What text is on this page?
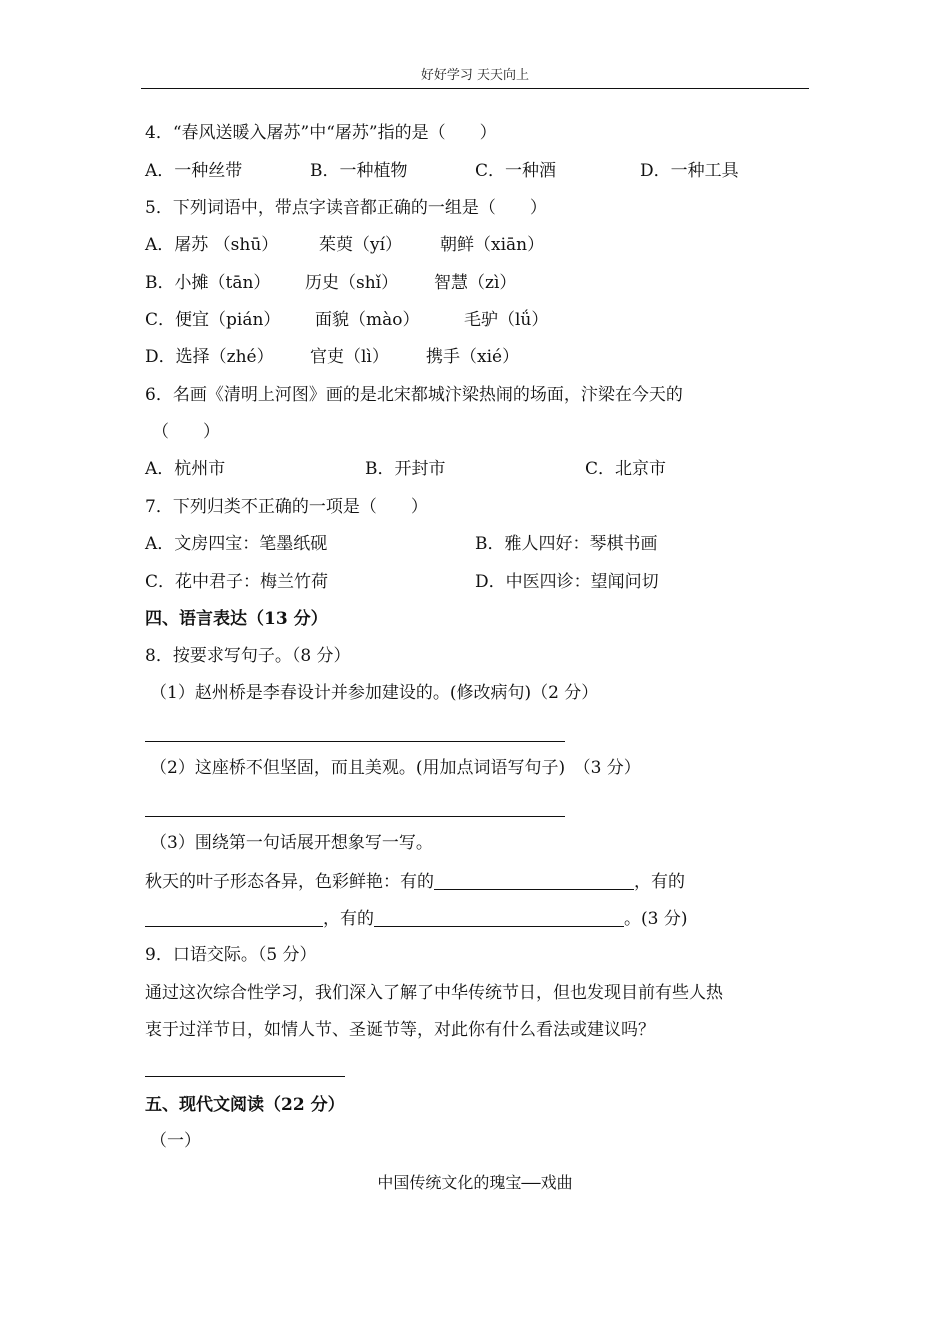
好好学习 天天向上
4．“春风送暖入屠苏”中“屠苏”指的是（　　）
A．一种丝带	B．一种植物	C．一种酒	D．一种工具
5．下列词语中，带点字读音都正确的一组是（　　）
A．屠苏 （shū） 茱萸（yí） 朝鲜（xiān）
B．小摊（tān） 历史（shǐ） 智慧（zì）
C．便宜（pián） 面貌（mào）	毛驴（lǘ）
D．选择（zhé） 官吏（lì） 携手（xié）
6．名画《清明上河图》画的是北宋都城汴梁热闹的场面，汴梁在今天的
（　　）
A．杭州市	B．开封市	C．北京市
7．下列归类不正确的一项是（　　）
A．文房四宝：笔墨纸砚	B．雅人四好：琴棋书画
C．花中君子：梅兰竹荷	D．中医四诊：望闻问切
四、语言表达（13 分）
8．按要求写句子。（8 分）
（1）赵州桥是李春设计并参加建设的。(修改病句)（2 分）
（2）这座桥不但坚固，而且美观。(用加点词语写句子)　（3 分）
（3）围绕第一句话展开想象写一写。
秋天的叶子形态各异，色彩鲜艳：有的	，有的
，有的	。(3 分)
9．口语交际。（5 分）
通过这次综合性学习，我们深入了解了中华传统节日，但也发现目前有些人热
衷于过洋节日，如情人节、圣诞节等，对此你有什么看法或建议吗？
五、现代文阅读（22 分）
（一）
中国传统文化的瑰宝——戏曲
